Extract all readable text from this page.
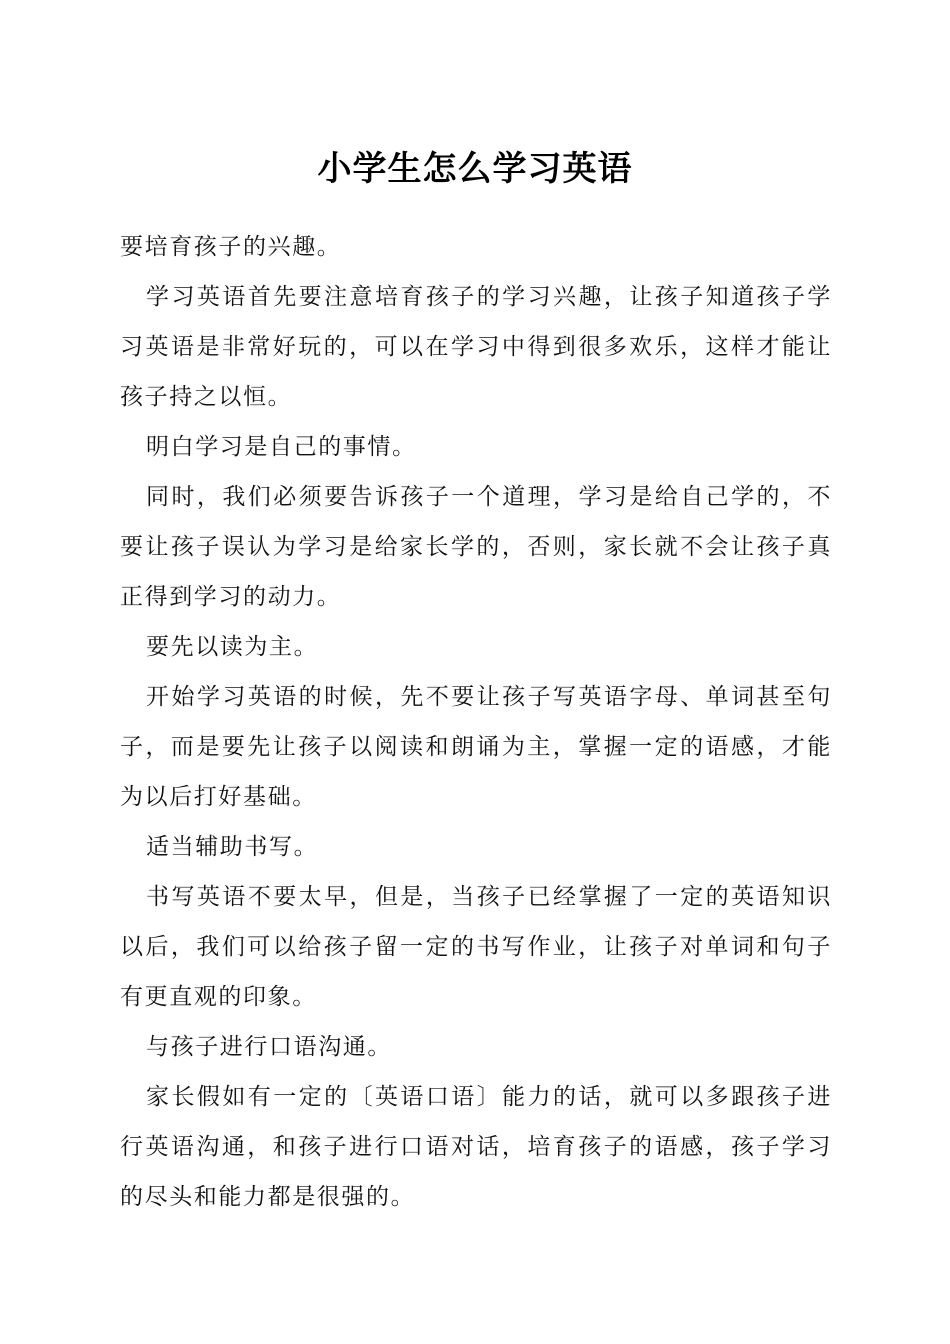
小学生怎么学习英语

要培育孩子的兴趣。

学习英语首先要注意培育孩子的学习兴趣，让孩子知道孩子学习英语是非常好玩的，可以在学习中得到很多欢乐，这样才能让孩子持之以恒。

明白学习是自己的事情。

同时，我们必须要告诉孩子一个道理，学习是给自己学的，不要让孩子误认为学习是给家长学的，否则，家长就不会让孩子真正得到学习的动力。

要先以读为主。

开始学习英语的时候，先不要让孩子写英语字母、单词甚至句子，而是要先让孩子以阅读和朗诵为主，掌握一定的语感，才能为以后打好基础。

适当辅助书写。

书写英语不要太早，但是，当孩子已经掌握了一定的英语知识以后，我们可以给孩子留一定的书写作业，让孩子对单词和句子有更直观的印象。

与孩子进行口语沟通。

家长假如有一定的〔英语口语〕能力的话，就可以多跟孩子进行英语沟通，和孩子进行口语对话，培育孩子的语感，孩子学习的尽头和能力都是很强的。
